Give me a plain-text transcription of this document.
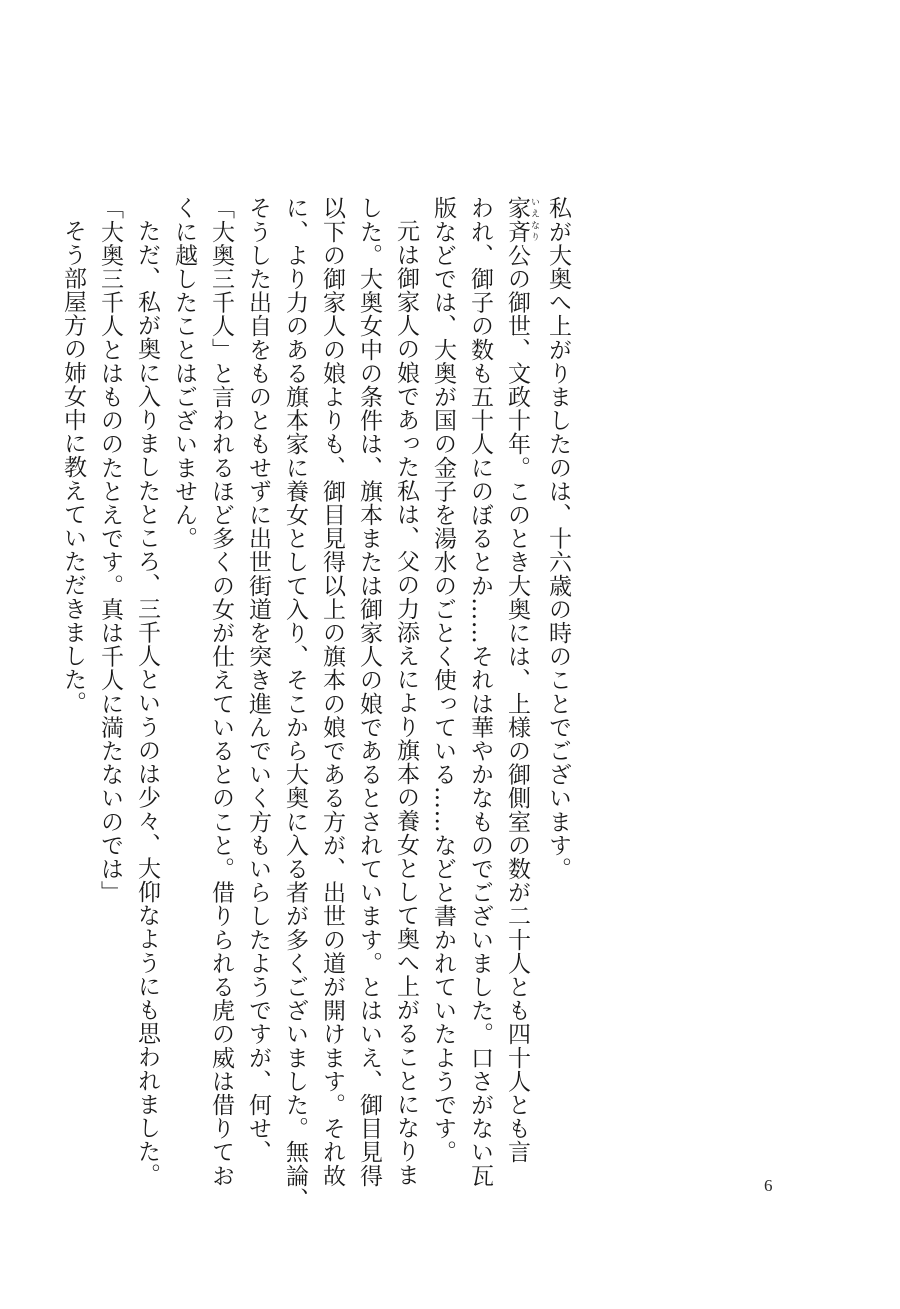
私が大奥へ上がりましたのは、十六歳の時のことでございます。

家斉 いえなり公の御世、文政十年。このとき大奥には、上様の御側室の数が二十人とも四十人とも言

われ、御子の数も五十人にのぼるとか……それは華やかなものでございました。口さがない瓦

版などでは、大奥が国の金子を湯水のごとく使っている……などと書かれていたようです。

元は御家人の娘であった私は、父の力添えにより旗本の養女として奥へ上がることになりま

した。大奥女中の条件は、旗本または御家人の娘であるとされています。とはいえ、御目見得

以下の御家人の娘よりも、御目見得以上の旗本の娘である方が、出世の道が開けます。それ故

に、より力のある旗本家に養女として入り、そこから大奥に入る者が多くございました。無論、

そうした出自をものともせずに出世街道を突き進んでいく方もいらしたようですが、何せ、

「大奥三千人」と言われるほど多くの女が仕えているとのこと。借りられる虎の威は借りてお

くに越したことはございません。

ただ、私が奥に入りましたところ、三千人というのは少々、大仰なようにも思われました。

「大奥三千人とはもののたとえです。真は千人に満たないのでは」

そう部屋方の姉女中に教えていただきました。

6
